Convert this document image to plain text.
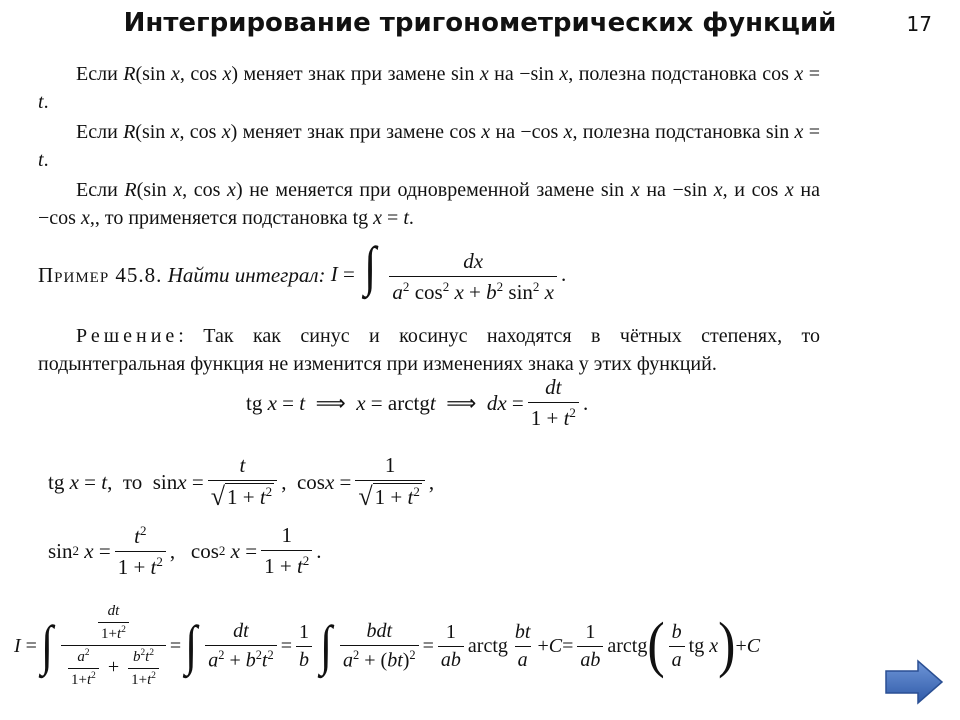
Интегрирование тригонометрических функций	17
Если R(sin x, cos x) меняет знак при замене sin x на −sin x, полезна подстановка cos x = t.
Если R(sin x, cos x) меняет знак при замене cos x на −cos x, полезна подстановка sin x = t.
Если R(sin x, cos x) не меняется при одновременной замене sin x на −sin x, и cos x на −cos x,, то применяется подстановка tg x = t.
Пример 45.8.
Найти интеграл:
I = ∫ $\frac{dx}{a^2 \cos^2 x + b^2 \sin^2 x}$ .
Решение: Так как синус и косинус находятся в чётных степенях, то подынтегральная функция не изменится при изменениях знака у этих функций.
tg x = t ⟹ x = arctg t ⟹ dx = $\frac{dt}{1 + t^2}$ .
tg x = t ,  то  $\sin x = \frac{t}{√ 1 + t^2}$ ,  $\cos x = \frac{1}{√ 1 + t^2}$ ,
sin 2 $x = \frac{t^2}{1 + t^2}$ ,   cos 2 $x = \frac{1}{1 + t^2}$ .
I = ∫ $\frac{\frac{dt}{1+t^2}}{\frac{a^2}{1+t^2} + \frac{b^2t^2}{1+t^2}}$ = ∫ $\frac{dt}{a^2 + b^2t^2} = \frac{1}{b}$ ∫ $\frac{\text{bdt}}{a^2 + (bt)^2} = \frac{1}{ab}$ arctg $\frac{bt}{a} + C = \frac{1}{ab}$ arctg ( $\frac{b}{a}$ tg x ) + C
